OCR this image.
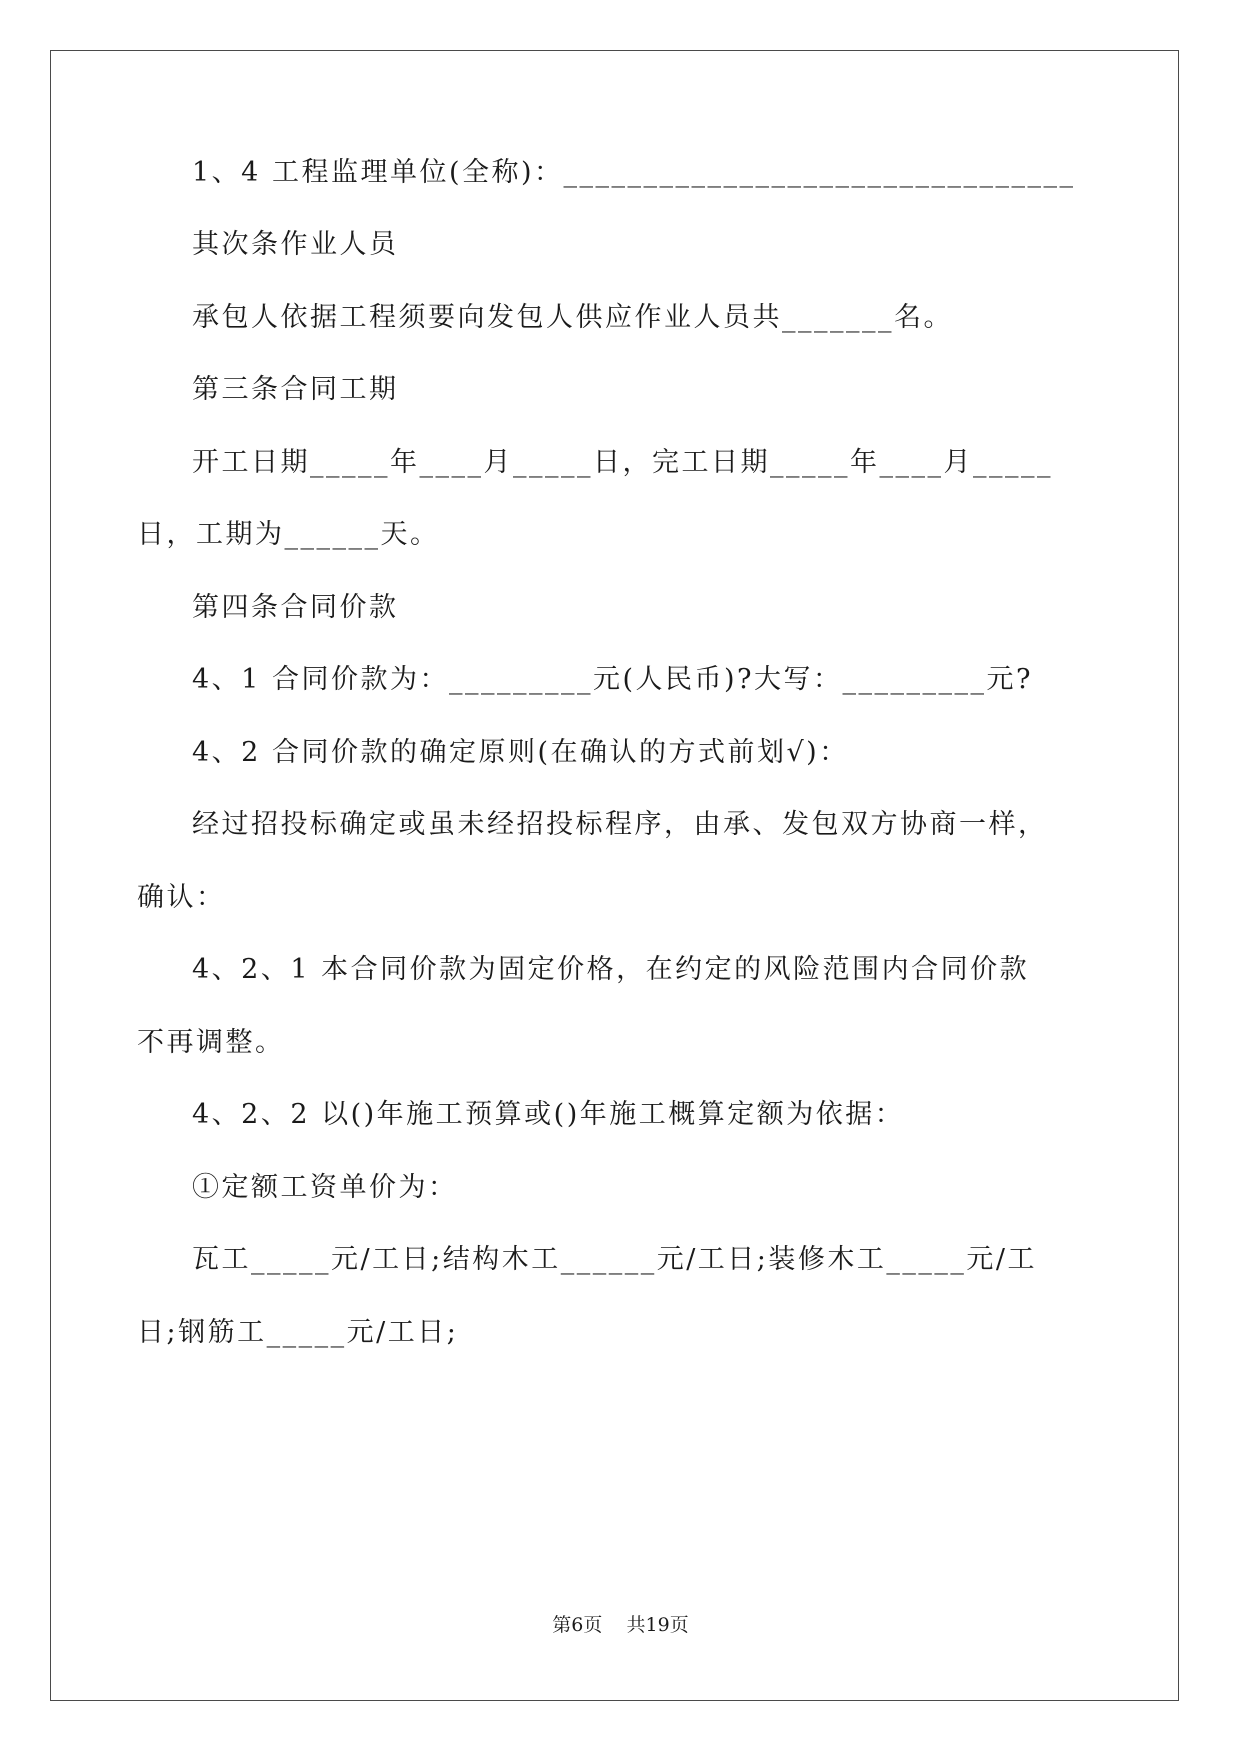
1、4 工程监理单位(全称)：________________________________
其次条作业人员
承包人依据工程须要向发包人供应作业人员共_______名。
第三条合同工期
开工日期_____年____月_____日，完工日期_____年____月_____
日，工期为______天。
第四条合同价款
4、1 合同价款为：_________元(人民币)?大写：_________元?
4、2 合同价款的确定原则(在确认的方式前划√)：
经过招投标确定或虽未经招投标程序，由承、发包双方协商一样，
确认：
4、2、1 本合同价款为固定价格，在约定的风险范围内合同价款
不再调整。
4、2、2 以()年施工预算或()年施工概算定额为依据：
①定额工资单价为：
瓦工_____元/工日;结构木工______元/工日;装修木工_____元/工
日;钢筋工_____元/工日;
第6页    共19页
